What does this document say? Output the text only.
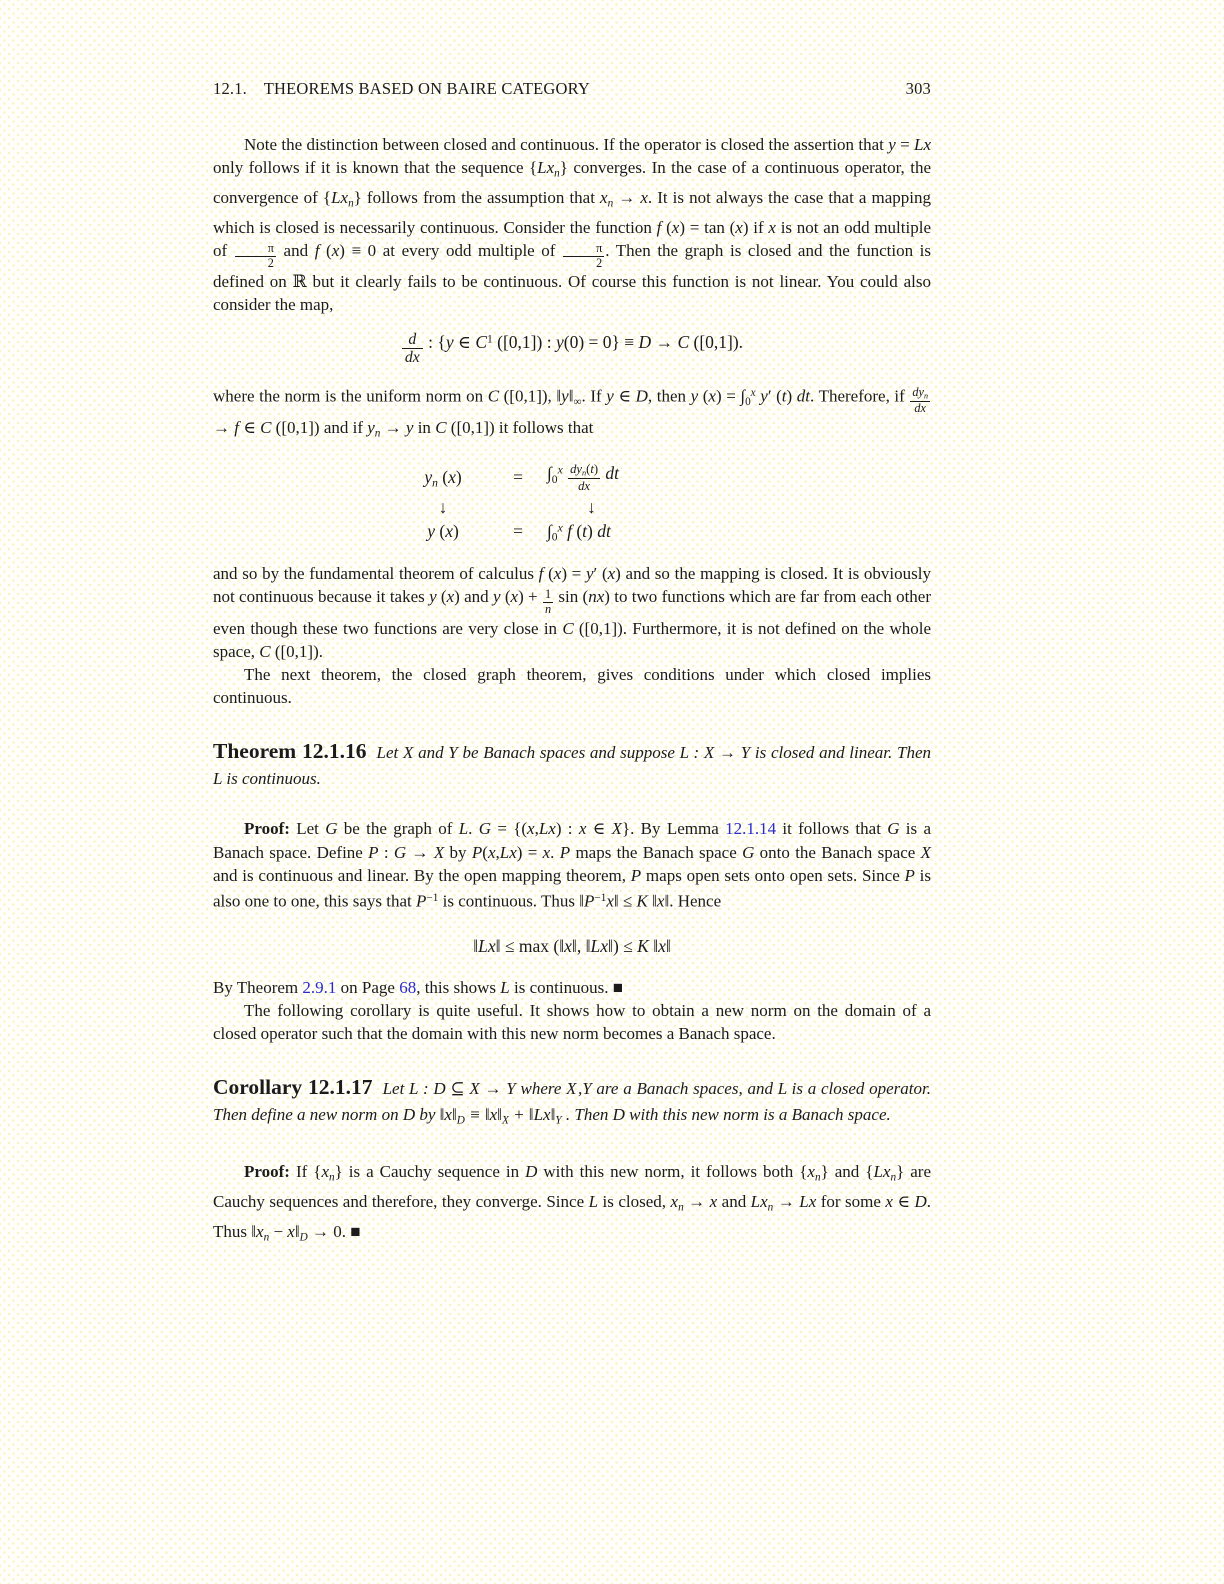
12.1. THEOREMS BASED ON BAIRE CATEGORY	303

Note the distinction between closed and continuous. If the operator is closed the assertion that y = Lx only follows if it is known that the sequence $\{Lx_n\}$ converges. In the case of a continuous operator, the convergence of $\{Lx_n\}$ follows from the assumption that $x_n \to x$. It is not always the case that a mapping which is closed is necessarily continuous. Consider the function f (x) = tan (x) if x is not an odd multiple of $\frac{\pi}{2}$ and f (x) ≡ 0 at every odd multiple of $\frac{\pi}{2}$ . Then the graph is closed and the function is defined on ℝ but it clearly fails to be continuous. Of course this function is not linear. You could also consider the map,

$\frac{d}{dx}$ : {y ∈ $C^1$ ([0,1]) : y(0) = 0} ≡ D → C ([0,1]).

where the norm is the uniform norm on C ([0,1]), $‖y‖_\infty$. If y ∈ D, then y $(x) = \int_0^x$ y′ (t) dt. Therefore, if $\frac{dy_n}{dx}$
→ f ∈ C ([0,1]) and if $y_n \to y$ in C ([0,1]) it follows that

$y_n$ (x)	=	$\int_0^x \frac{dy_n(t)}{dx}$ dt
↓	↓
y (x)	=	$\int_0^x$ f (t) dt

and so by the fundamental theorem of calculus f (x) = y′ (x) and so the mapping is closed. It is obviously not continuous because it takes y (x) and y $(x) + \frac{1}{n}$ sin (nx) to two functions which are far from each other even though these two functions are very close in C ([0,1]). Furthermore, it is not defined on the whole space, C ([0,1]).

The next theorem, the closed graph theorem, gives conditions under which closed implies continuous.

Theorem 12.1.16 Let X and Y be Banach spaces and suppose L : X → Y is closed and linear. Then L is continuous.

Proof: Let G be the graph of L. G = {(x,Lx) : x ∈ X}. By Lemma 12.1.14 it follows that G is a Banach space. Define P : G → X by P(x,Lx) = x. P maps the Banach space G onto the Banach space X and is continuous and linear. By the open mapping theorem, P maps open sets onto open sets. Since P is also one to one, this says that $P^{-1}$ is continuous. Thus $‖P^{-1}x‖ \le K$ ‖x‖. Hence

‖Lx‖ ≤ max (‖x‖, ‖Lx‖) ≤ K ‖x‖

By Theorem 2.9.1 on Page 68, this shows L is continuous. ■

The following corollary is quite useful. It shows how to obtain a new norm on the domain of a closed operator such that the domain with this new norm becomes a Banach space.

Corollary 12.1.17 Let L : D ⊆ X → Y where X ,Y are a Banach spaces, and L is a closed operator. Then define a new norm on D by $‖x‖_D$ ≡ $‖x‖_X$ + $‖Lx‖_Y$ . Then D with this new norm is a Banach space.

Proof: If $\{x_n\}$ is a Cauchy sequence in D with this new norm, it follows both $\{x_n\}$ and $\{Lx_n\}$ are Cauchy sequences and therefore, they converge. Since L is closed, $x_n \to x$ and $Lx_n \to Lx$ for some x ∈ D. Thus $‖x_n$ − $x‖_D \to 0$. ■
